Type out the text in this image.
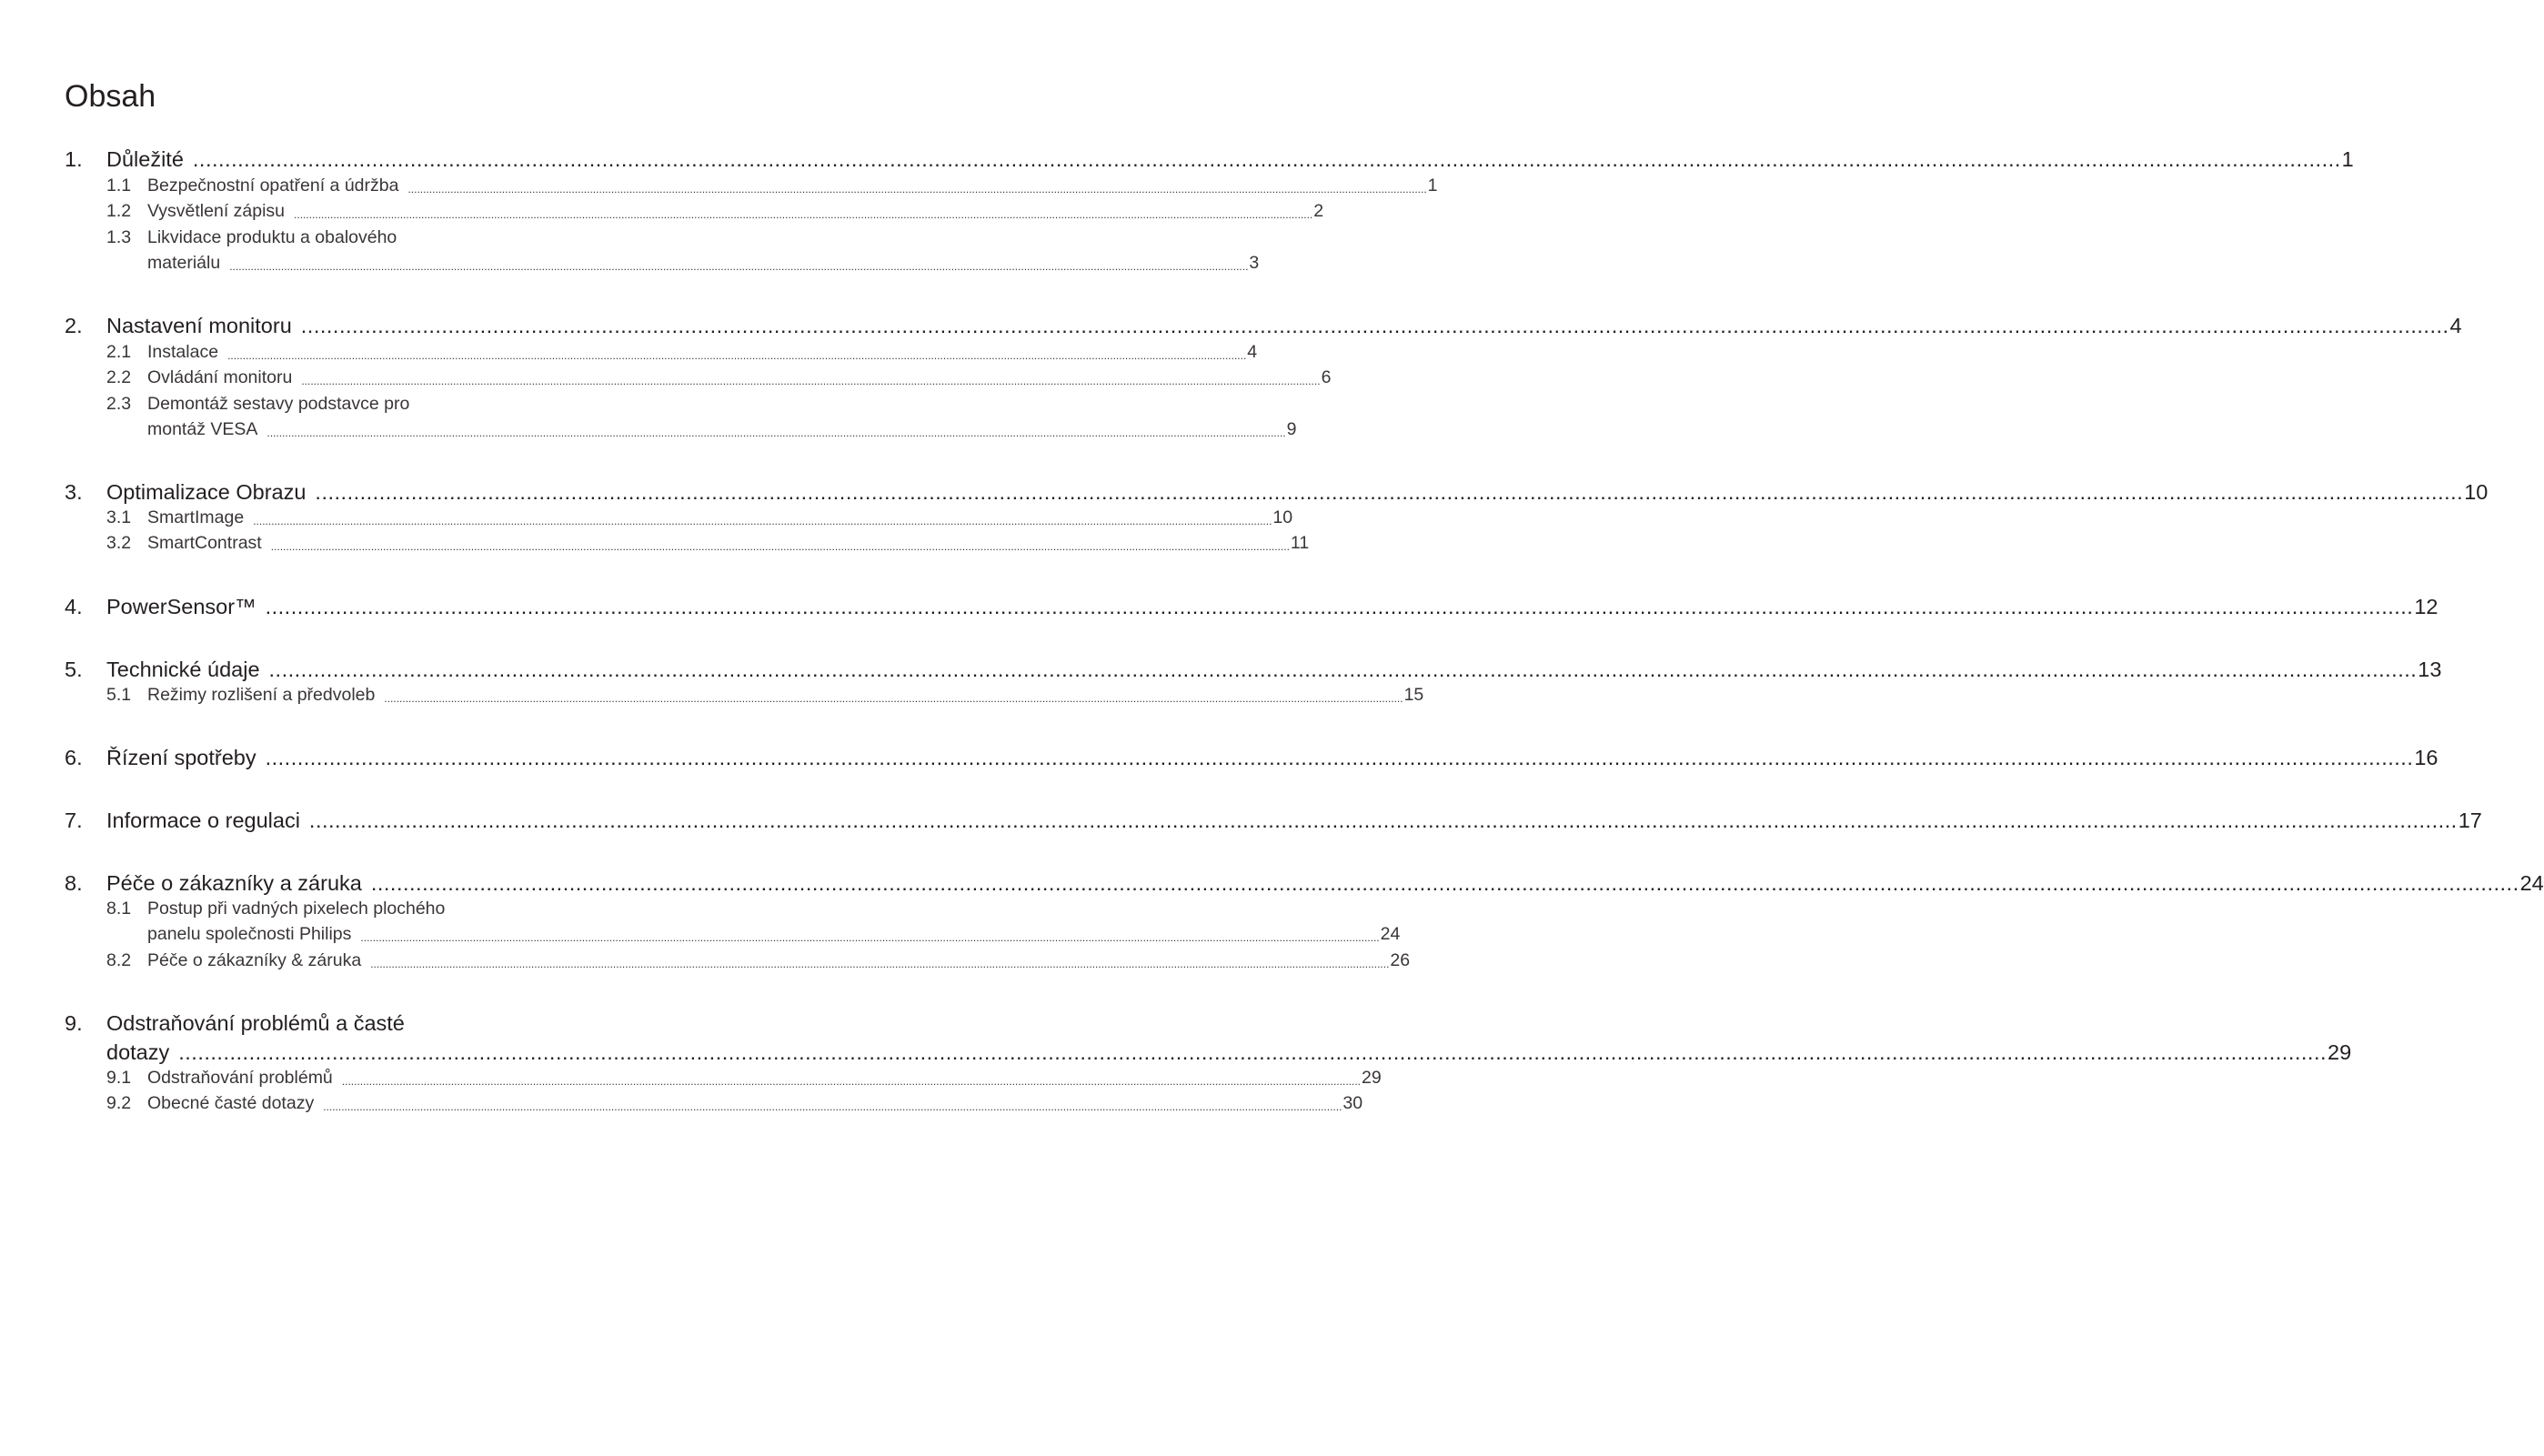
Obsah
1.	Důležité ................................................................................................................................................................................................................................................................................................................................................ 1
1.1 Bezpečnostní opatření a údržba ................................................................................................................................................................................................................................................................................................................................................ 1
1.2 Vysvětlení zápisu ................................................................................................................................................................................................................................................................................................................................................ 2
1.3 Likvidace produktu a obalového
materiálu ................................................................................................................................................................................................................................................................................................................................................ 3
2.	Nastavení monitoru ................................................................................................................................................................................................................................................................................................................................................ 4
2.1 Instalace ................................................................................................................................................................................................................................................................................................................................................ 4
2.2 Ovládání monitoru ................................................................................................................................................................................................................................................................................................................................................ 6
2.3 Demontáž sestavy podstavce pro
montáž VESA ................................................................................................................................................................................................................................................................................................................................................ 9
3.	Optimalizace Obrazu ................................................................................................................................................................................................................................................................................................................................................ 10
3.1 SmartImage ................................................................................................................................................................................................................................................................................................................................................ 10
3.2 SmartContrast ................................................................................................................................................................................................................................................................................................................................................ 11
4.	PowerSensor™ ................................................................................................................................................................................................................................................................................................................................................ 12
5.	Technické údaje ................................................................................................................................................................................................................................................................................................................................................ 13
5.1 Režimy rozlišení a předvoleb ................................................................................................................................................................................................................................................................................................................................................ 15
6.	Řízení spotřeby ................................................................................................................................................................................................................................................................................................................................................ 16
7.	Informace o regulaci ................................................................................................................................................................................................................................................................................................................................................ 17
8.	Péče o zákazníky a záruka ................................................................................................................................................................................................................................................................................................................................................ 24
8.1 Postup při vadných pixelech plochého
panelu společnosti Philips ................................................................................................................................................................................................................................................................................................................................................ 24
8.2 Péče o zákazníky & záruka ................................................................................................................................................................................................................................................................................................................................................ 26
9.	Odstraňování problémů a časté
dotazy ................................................................................................................................................................................................................................................................................................................................................ 29
9.1 Odstraňování problémů ................................................................................................................................................................................................................................................................................................................................................ 29
9.2 Obecné časté dotazy ................................................................................................................................................................................................................................................................................................................................................ 30
